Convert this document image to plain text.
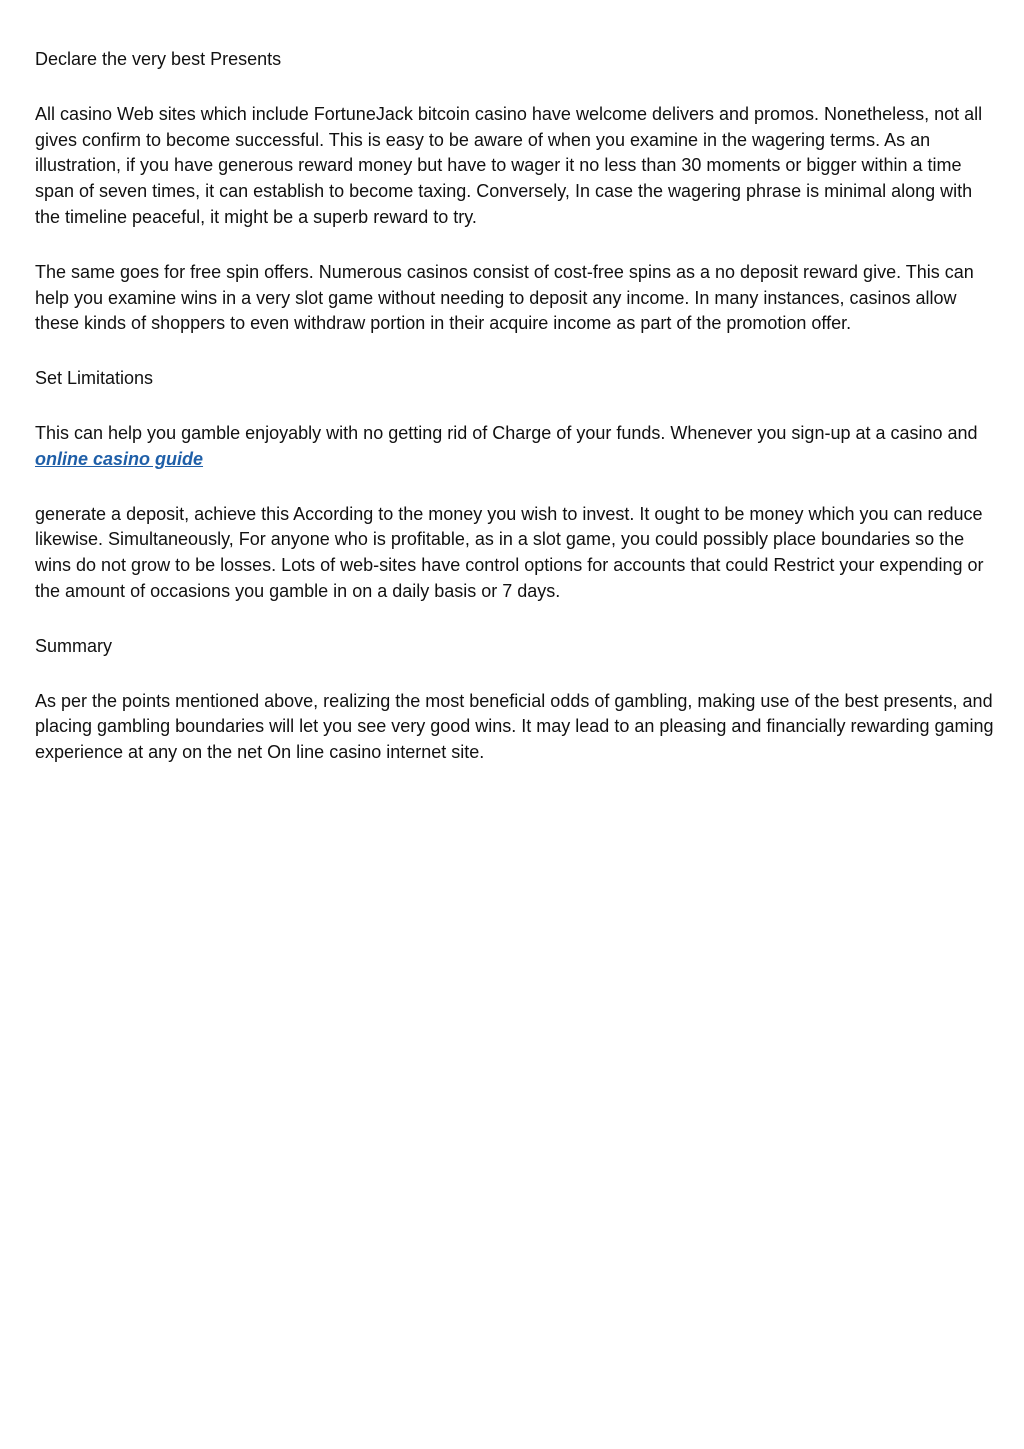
Declare the very best Presents

All casino Web sites which include FortuneJack bitcoin casino have welcome delivers and promos. Nonetheless, not all gives confirm to become successful. This is easy to be aware of when you examine in the wagering terms. As an illustration, if you have generous reward money but have to wager it no less than 30 moments or bigger within a time span of seven times, it can establish to become taxing. Conversely, In case the wagering phrase is minimal along with the timeline peaceful, it might be a superb reward to try.

The same goes for free spin offers. Numerous casinos consist of cost-free spins as a no deposit reward give. This can help you examine wins in a very slot game without needing to deposit any income. In many instances, casinos allow these kinds of shoppers to even withdraw portion in their acquire income as part of the promotion offer.

Set Limitations

This can help you gamble enjoyably with no getting rid of Charge of your funds. Whenever you sign-up at a casino and online casino guide

generate a deposit, achieve this According to the money you wish to invest. It ought to be money which you can reduce likewise. Simultaneously, For anyone who is profitable, as in a slot game, you could possibly place boundaries so the wins do not grow to be losses. Lots of web-sites have control options for accounts that could Restrict your expending or the amount of occasions you gamble in on a daily basis or 7 days.

Summary

As per the points mentioned above, realizing the most beneficial odds of gambling, making use of the best presents, and placing gambling boundaries will let you see very good wins. It may lead to an pleasing and financially rewarding gaming experience at any on the net On line casino internet site.
